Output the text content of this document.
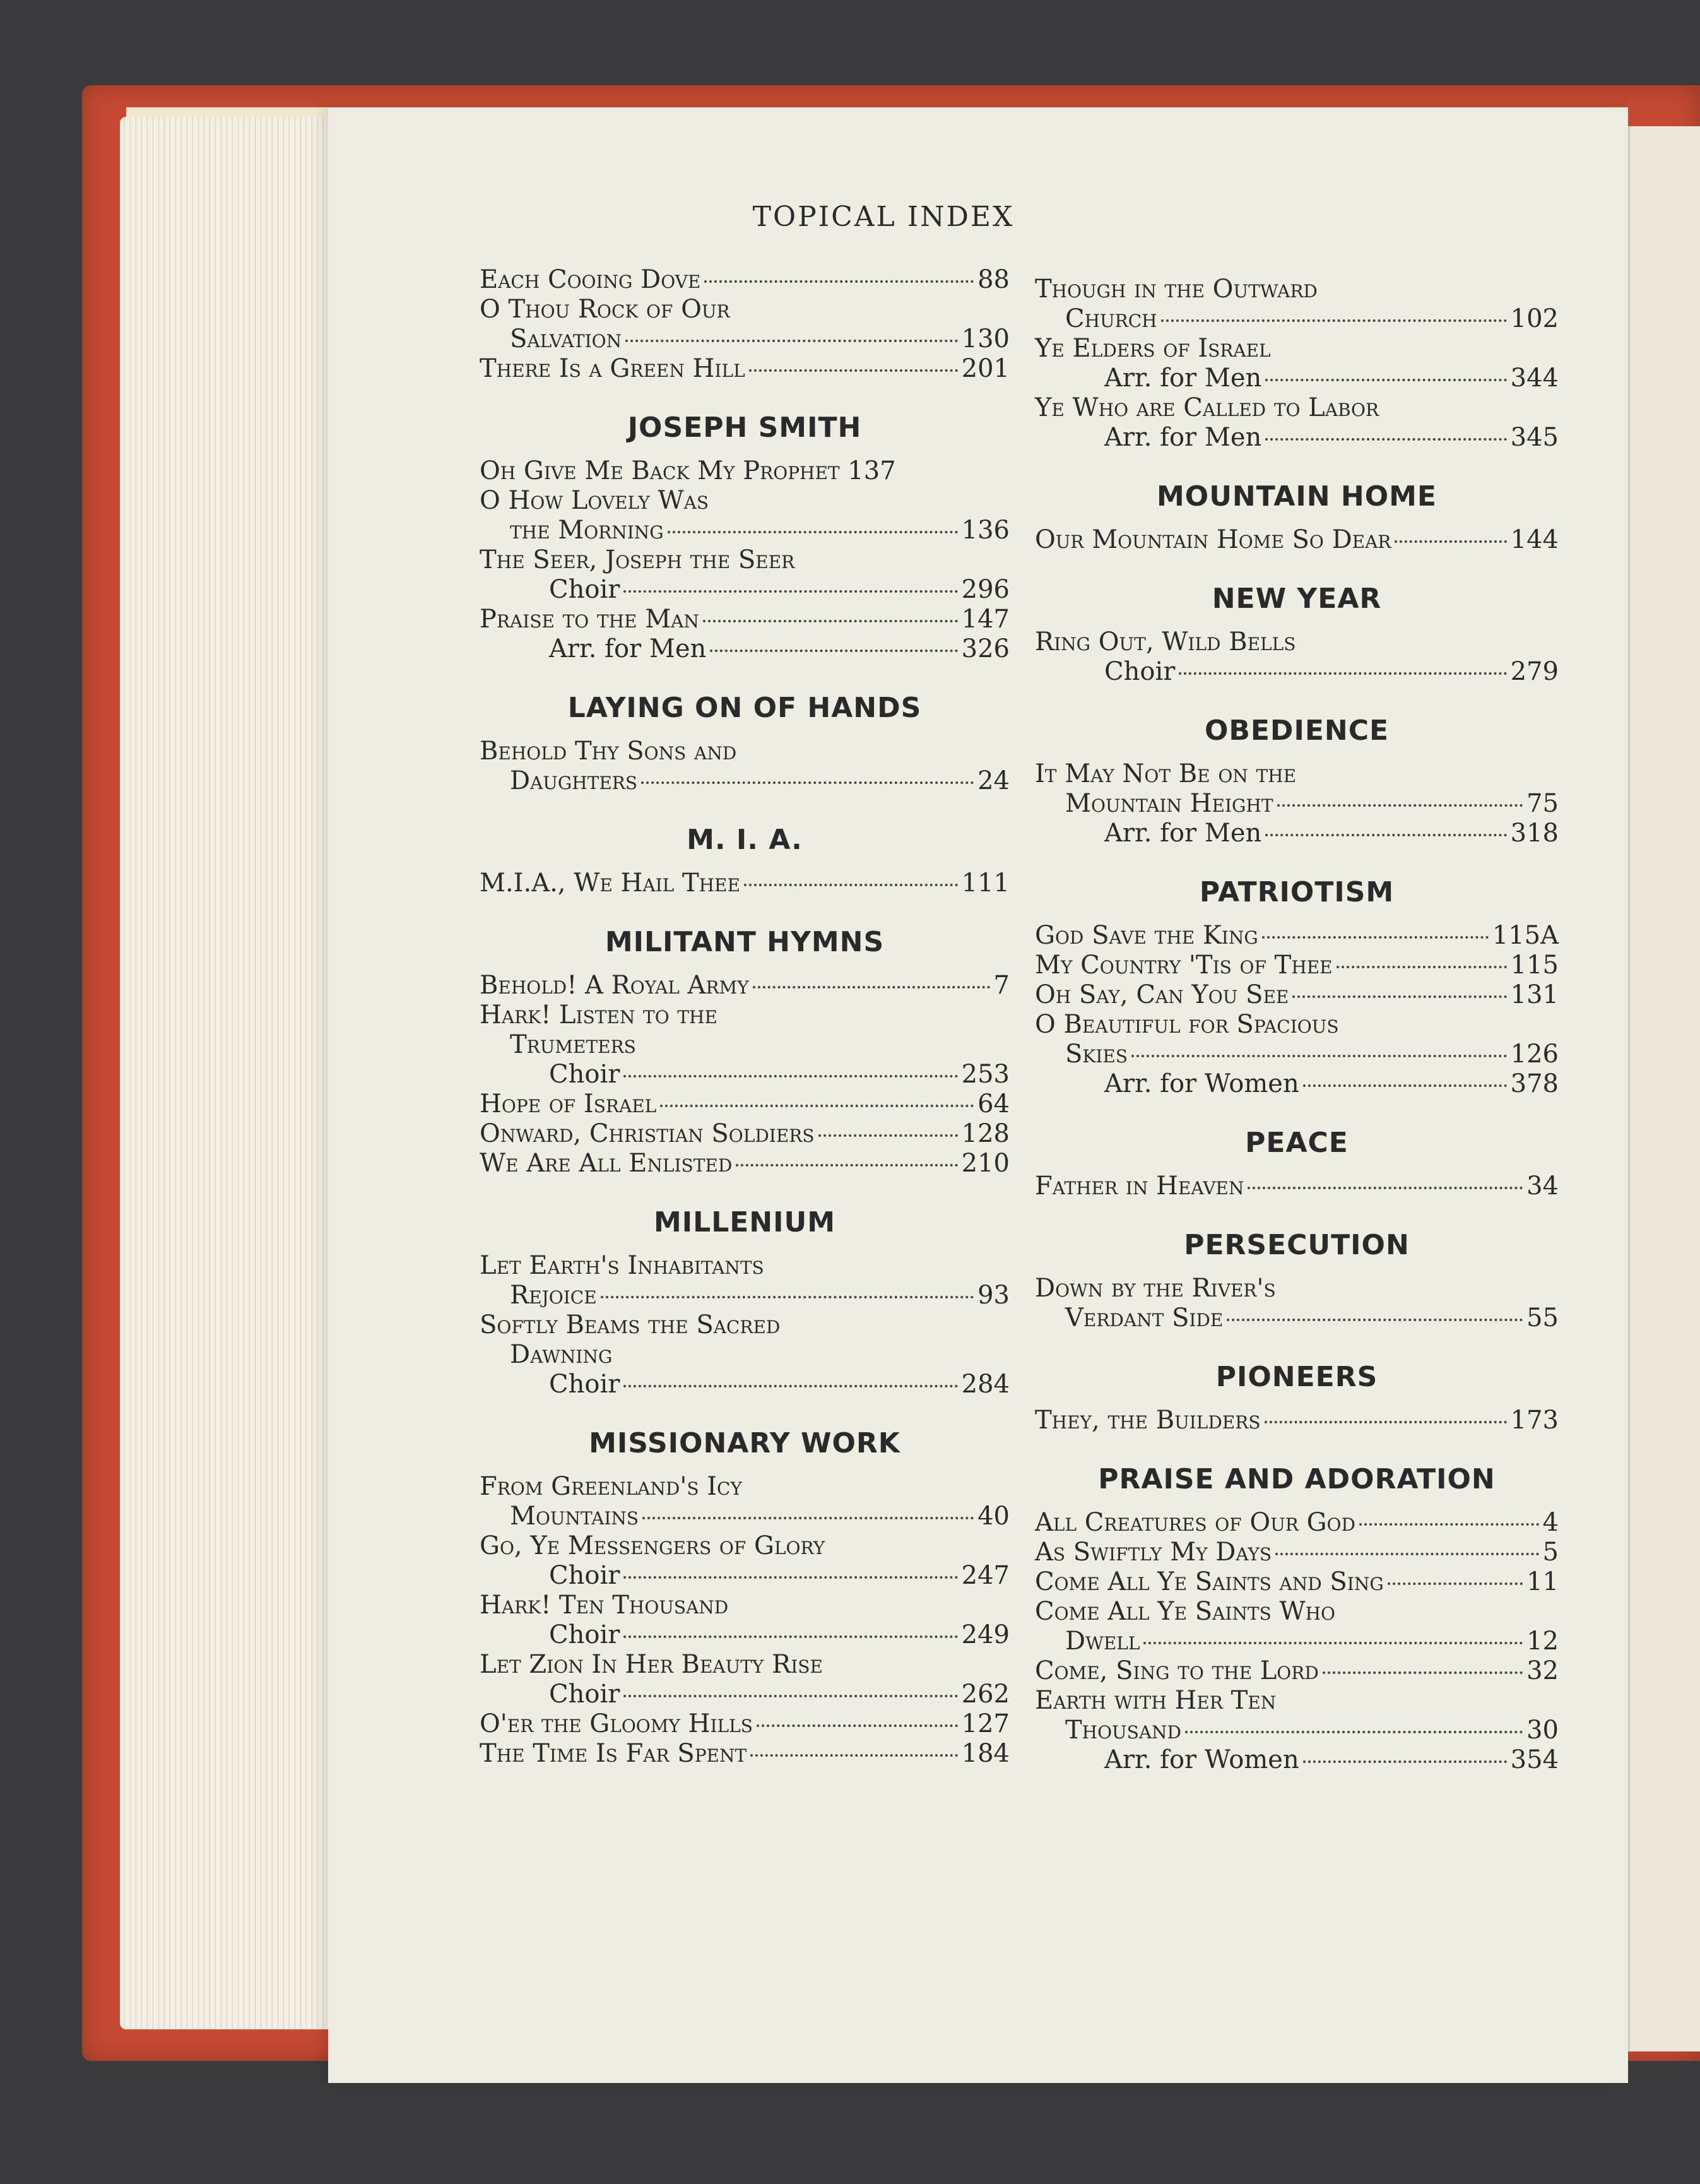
TOPICAL INDEX
Each Cooing Dove	88
O Thou Rock of Our
Salvation	130
There Is a Green Hill	201
JOSEPH SMITH
Oh Give Me Back My Prophet 137
O How Lovely Was
the Morning	136
The Seer, Joseph the Seer
Choir	296
Praise to the Man	147
Arr. for Men	326
LAYING ON OF HANDS
Behold Thy Sons and
Daughters	24
M. I. A.
M.I.A., We Hail Thee	111
MILITANT HYMNS
Behold! A Royal Army	7
Hark! Listen to the
Trumeters
Choir	253
Hope of Israel	64
Onward, Christian Soldiers	128
We Are All Enlisted	210
MILLENIUM
Let Earth's Inhabitants
Rejoice	93
Softly Beams the Sacred
Dawning
Choir	284
MISSIONARY WORK
From Greenland's Icy
Mountains	40
Go, Ye Messengers of Glory
Choir	247
Hark! Ten Thousand
Choir	249
Let Zion In Her Beauty Rise
Choir	262
O'er the Gloomy Hills	127
The Time Is Far Spent	184
Though in the Outward
Church	102
Ye Elders of Israel
Arr. for Men	344
Ye Who are Called to Labor
Arr. for Men	345
MOUNTAIN HOME
Our Mountain Home So Dear	144
NEW YEAR
Ring Out, Wild Bells
Choir	279
OBEDIENCE
It May Not Be on the
Mountain Height	75
Arr. for Men	318
PATRIOTISM
God Save the King	115A
My Country 'Tis of Thee	115
Oh Say, Can You See	131
O Beautiful for Spacious
Skies	126
Arr. for Women	378
PEACE
Father in Heaven	34
PERSECUTION
Down by the River's
Verdant Side	55
PIONEERS
They, the Builders	173
PRAISE AND ADORATION
All Creatures of Our God	4
As Swiftly My Days	5
Come All Ye Saints and Sing	11
Come All Ye Saints Who
Dwell	12
Come, Sing to the Lord	32
Earth with Her Ten
Thousand	30
Arr. for Women	354
